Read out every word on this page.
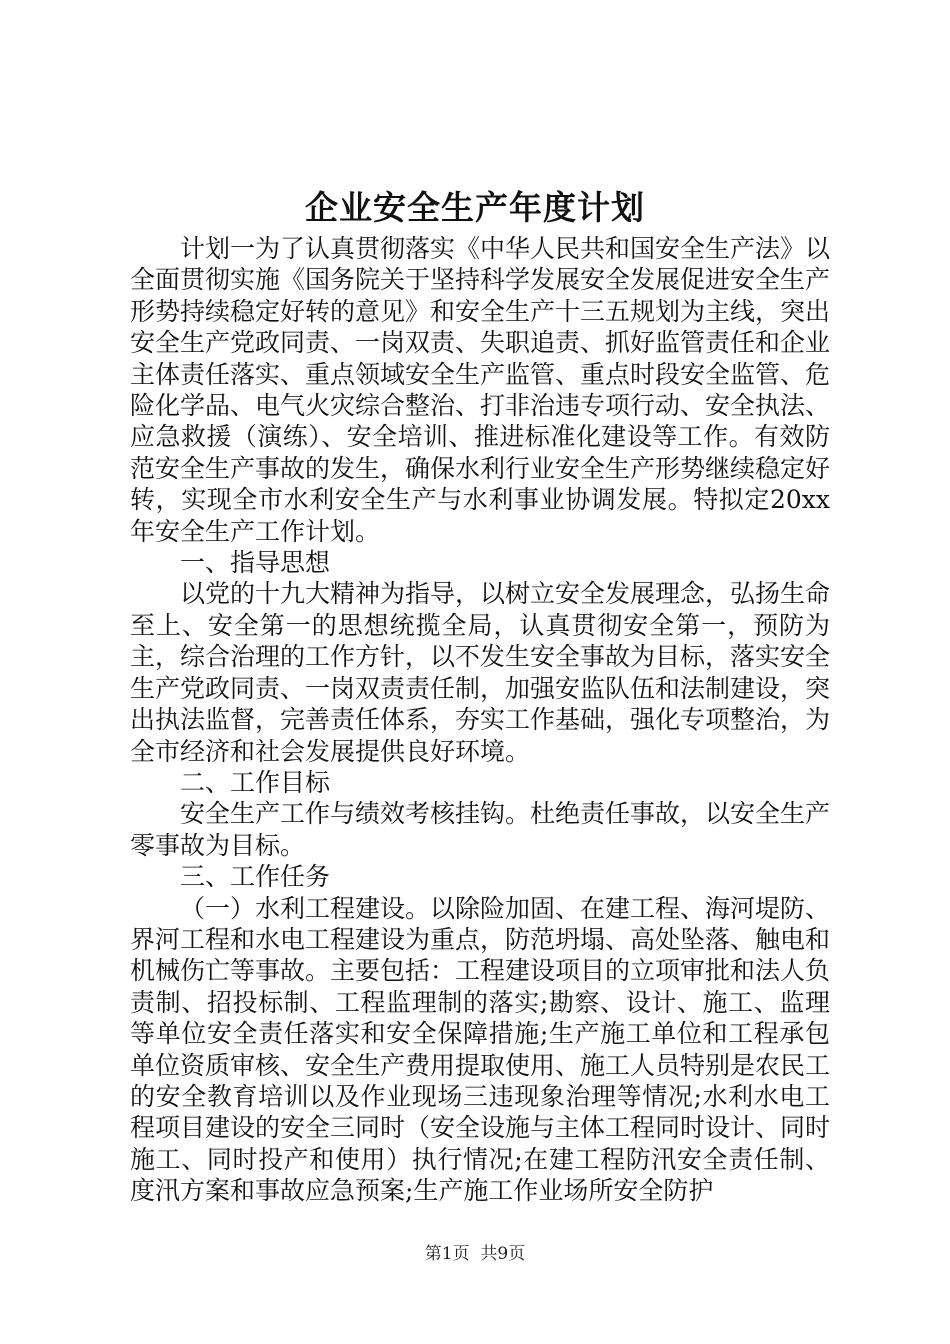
企业安全生产年度计划

计划一为了认真贯彻落实《中华人民共和国安全生产法》以全面贯彻实施《国务院关于坚持科学发展安全发展促进安全生产形势持续稳定好转的意见》和安全生产十三五规划为主线，突出安全生产党政同责、一岗双责、失职追责、抓好监管责任和企业主体责任落实、重点领域安全生产监管、重点时段安全监管、危险化学品、电气火灾综合整治、打非治违专项行动、安全执法、应急救援（演练）、安全培训、推进标准化建设等工作。有效防范安全生产事故的发生，确保水利行业安全生产形势继续稳定好转，实现全市水利安全生产与水利事业协调发展。特拟定20xx年安全生产工作计划。

一、指导思想

以党的十九大精神为指导，以树立安全发展理念，弘扬生命至上、安全第一的思想统揽全局，认真贯彻安全第一，预防为主，综合治理的工作方针，以不发生安全事故为目标，落实安全生产党政同责、一岗双责责任制，加强安监队伍和法制建设，突出执法监督，完善责任体系，夯实工作基础，强化专项整治，为全市经济和社会发展提供良好环境。

二、工作目标

安全生产工作与绩效考核挂钩。杜绝责任事故，以安全生产零事故为目标。

三、工作任务

（一）水利工程建设。以除险加固、在建工程、海河堤防、界河工程和水电工程建设为重点，防范坍塌、高处坠落、触电和机械伤亡等事故。主要包括：工程建设项目的立项审批和法人负责制、招投标制、工程监理制的落实;勘察、设计、施工、监理等单位安全责任落实和安全保障措施;生产施工单位和工程承包单位资质审核、安全生产费用提取使用、施工人员特别是农民工的安全教育培训以及作业现场三违现象治理等情况;水利水电工程项目建设的安全三同时（安全设施与主体工程同时设计、同时施工、同时投产和使用）执行情况;在建工程防汛安全责任制、度汛方案和事故应急预案;生产施工作业场所安全防护

第1页  共9页
